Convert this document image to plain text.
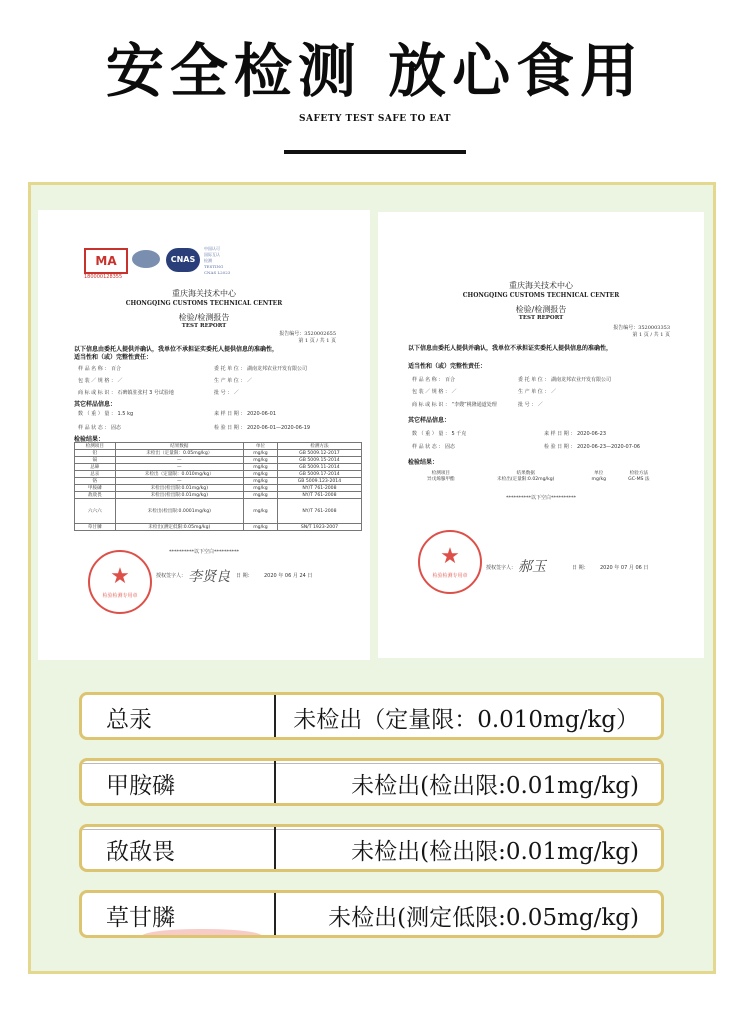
安全检测 放心食用
SAFETY TEST SAFE TO EAT
MA
180000128355
CNAS
中国认可
国际互认
检测
TESTING
CNAS L2023
重庆海关技术中心
CHONGQING CUSTOMS TECHNICAL CENTER
检验/检测报告
TEST REPORT
报告编号：3520002655
第 1 页 / 共 1 页
以下信息由委托人提供并确认，我单位不承担证实委托人提供信息的准确性，
适当性和（或）完整性责任：
样 品 名 称 ： 百合	委 托 单 位 ： 湖南龙邦农业开发有限公司
包 装 ／ 规 格 ： ／	生 产 单 位 ： ／
商 标 或 标 识 ： 石碑镇驻张村 3 号试验地	批 号 ： ／
其它样品信息：
数 （ 重 ） 量 ： 1.5 kg	来 样 日 期 ： 2020-06-01
样 品 状 态 ： 固态	检 验 日 期 ： 2020-06-01—2020-06-19
检验结果：
检测项目	结果数据	单位	检测方法
铅	未检出（定量限：0.05mg/kg）	mg/kg	GB 5009.12-2017
镉	—	mg/kg	GB 5009.15-2014
总砷	—	mg/kg	GB 5009.11-2014
总汞	未检出（定量限：0.010mg/kg）	mg/kg	GB 5009.17-2014
铬	—	mg/kg	GB 5009.123-2014
甲胺磷	未检出(检出限:0.01mg/kg)	mg/kg	NY/T 761-2008
敌敌畏	未检出(检出限:0.01mg/kg)	mg/kg	NY/T 761-2008
六六六	未检出(检出限:0.0001mg/kg)	mg/kg	NY/T 761-2008
草甘膦	未检出(测定低限:0.05mg/kg)	mg/kg	SN/T 1923-2007
**********以下空白**********
★
检验检测专用章
授权签字人： 李贤良 日 期： 2020 年 06 月 24 日
重庆海关技术中心
CHONGQING CUSTOMS TECHNICAL CENTER
检验/检测报告
TEST REPORT
报告编号：3520003353
第 1 页 / 共 1 页
以下信息由委托人提供并确认，我单位不承担证实委托人提供信息的准确性，
适当性和（或）完整性责任：
样 品 名 称 ： 百合	委 托 单 位 ： 湖南龙邦农业开发有限公司
包 装 ／ 规 格 ： ／	生 产 单 位 ： ／
商 标 或 标 识 ： “李嫂”桃隆通道处理	批 号 ： ／
其它样品信息：
数 （ 重 ） 量 ： 5 千克	来 样 日 期 ： 2020-06-23
样 品 状 态 ： 固态	检 验 日 期 ： 2020-06-23—2020-07-06
检验结果：
检测项目	结果数据	单位	检验方法
异戊烯腺甲酯	未检出(定量限:0.02mg/kg)	mg/kg	GC-MS 法
**********以下空白**********
★
检验检测专用章
授权签字人： 郝玉	日 期： 2020 年 07 月 06 日
总汞	未检出（定量限：0.010mg/kg）
甲胺磷	未检出(检出限:0.01mg/kg)
敌敌畏	未检出(检出限:0.01mg/kg)
草甘膦	未检出(测定低限:0.05mg/kg)
